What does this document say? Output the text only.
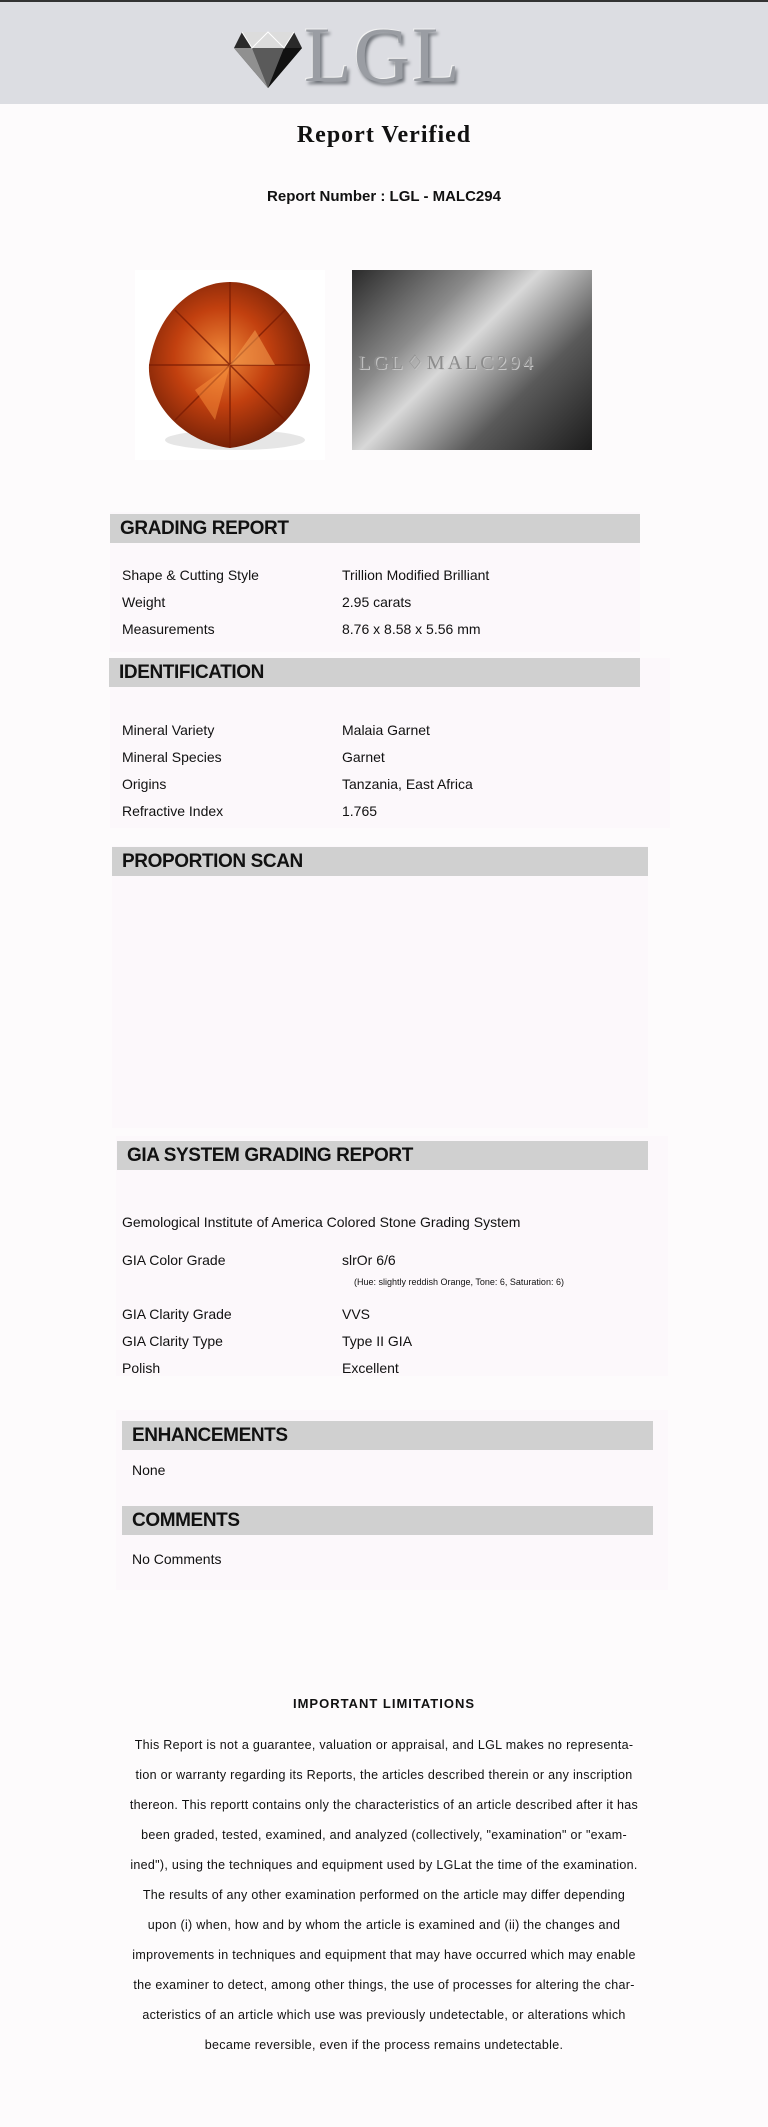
LGL
Report Verified
Report Number : LGL - MALC294
LGL♢MALC294
GRADING REPORT
Shape & Cutting Style	Trillion Modified Brilliant
Weight	2.95 carats
Measurements	8.76 x 8.58 x 5.56 mm
IDENTIFICATION
Mineral Variety	Malaia Garnet
Mineral Species	Garnet
Origins	Tanzania, East Africa
Refractive Index	1.765
PROPORTION SCAN
GIA SYSTEM GRADING REPORT
Gemological Institute of America Colored Stone Grading System
GIA Color Grade	slrOr 6/6
(Hue: slightly reddish Orange, Tone: 6, Saturation: 6)
GIA Clarity Grade	VVS
GIA Clarity Type	Type II GIA
Polish	Excellent
ENHANCEMENTS
None
COMMENTS
No Comments
IMPORTANT LIMITATIONS
This Report is not a guarantee, valuation or appraisal, and LGL makes no representa-
tion or warranty regarding its Reports, the articles described therein or any inscription
thereon. This reportt contains only the characteristics of an article described after it has
been graded, tested, examined, and analyzed (collectively, "examination" or "exam-
ined"), using the techniques and equipment used by LGLat the time of the examination.
The results of any other examination performed on the article may differ depending
upon (i) when, how and by whom the article is examined and (ii) the changes and
improvements in techniques and equipment that may have occurred which may enable
the examiner to detect, among other things, the use of processes for altering the char-
acteristics of an article which use was previously undetectable, or alterations which
became reversible, even if the process remains undetectable.
